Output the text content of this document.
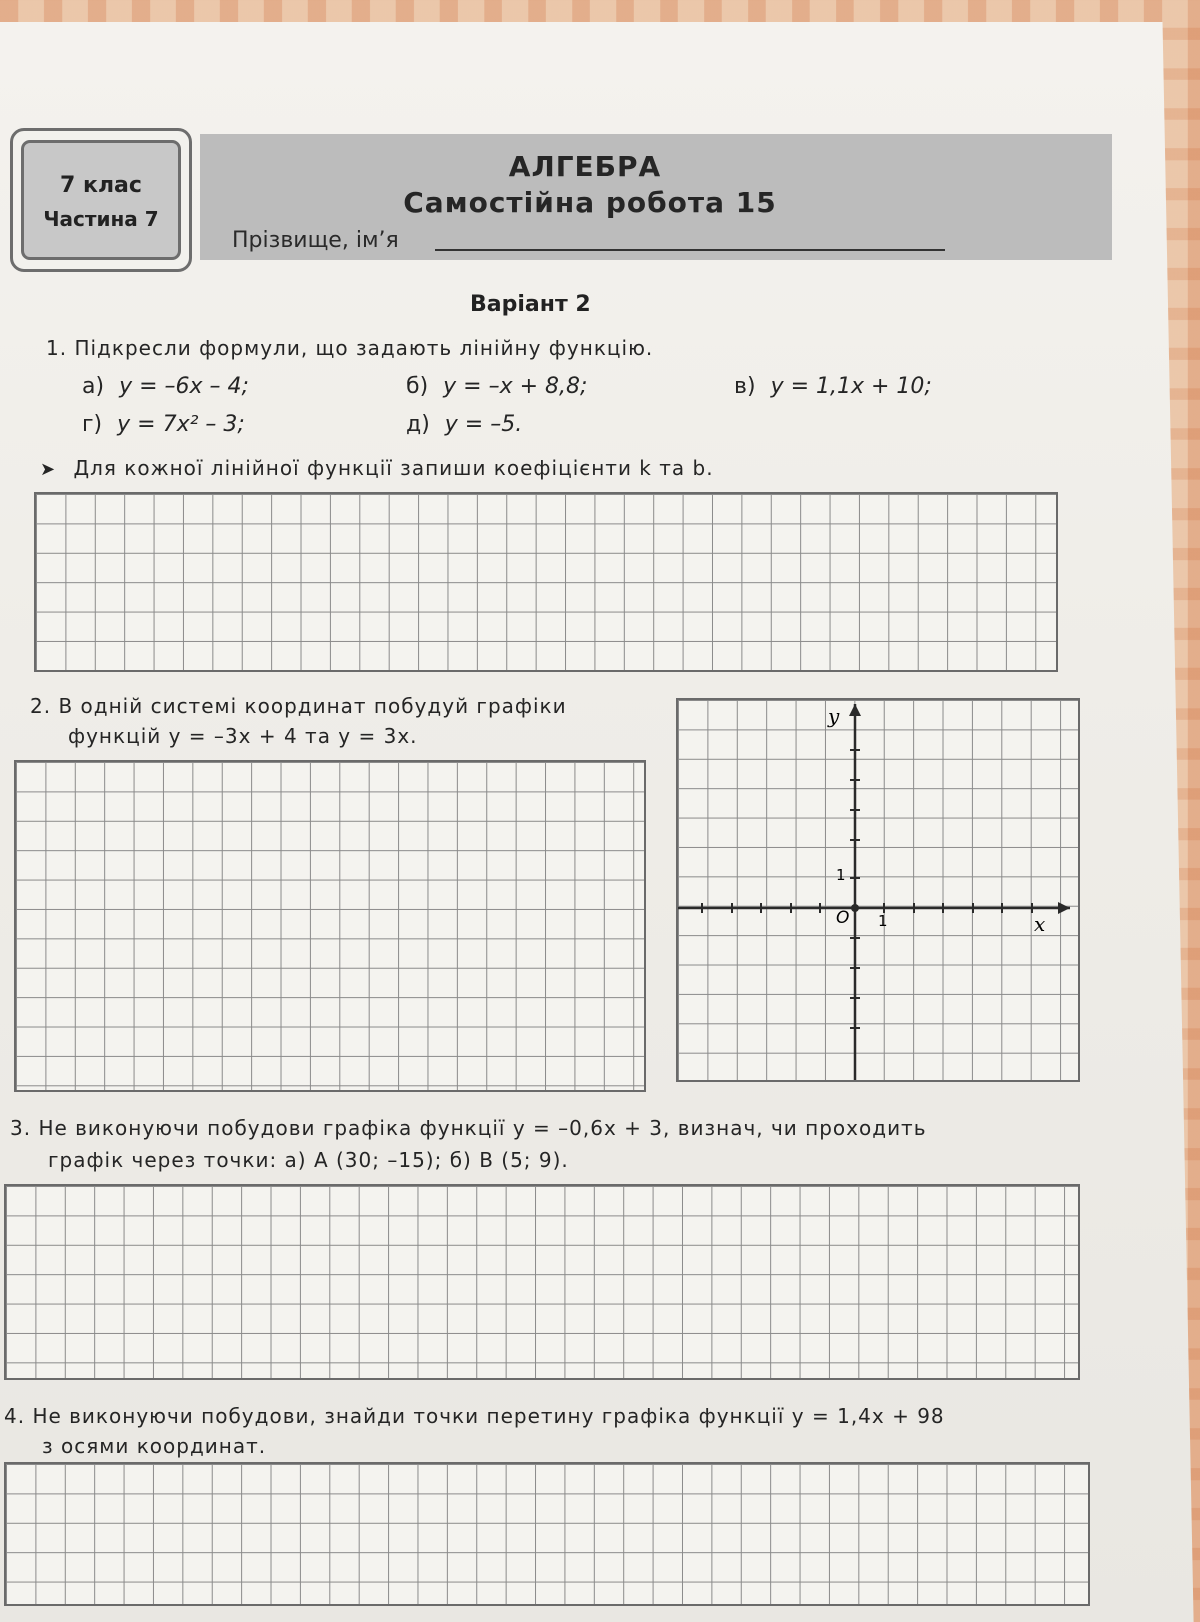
7 клас
Частина 7
АЛГЕБРА
Самостійна робота 15
Прізвище, ім’я
Варіант 2
1. Підкресли формули, що задають лінійну функцію.
а) y = –6x – 4;	б) y = –x + 8,8;	в) y = 1,1x + 10;
г) y = 7x² – 3;	д) y = –5.
➤ Для кожної лінійної функції запиши коефіцієнти k та b.
2. В одній системі координат побудуй графіки
функцій y = –3x + 4 та y = 3x.
y
x
O 1
1
3. Не виконуючи побудови графіка функції y = –0,6x + 3, визнач, чи проходить
графік через точки: а) A (30; –15); б) B (5; 9).
4. Не виконуючи побудови, знайди точки перетину графіка функції y = 1,4x + 98
з осями координат.
